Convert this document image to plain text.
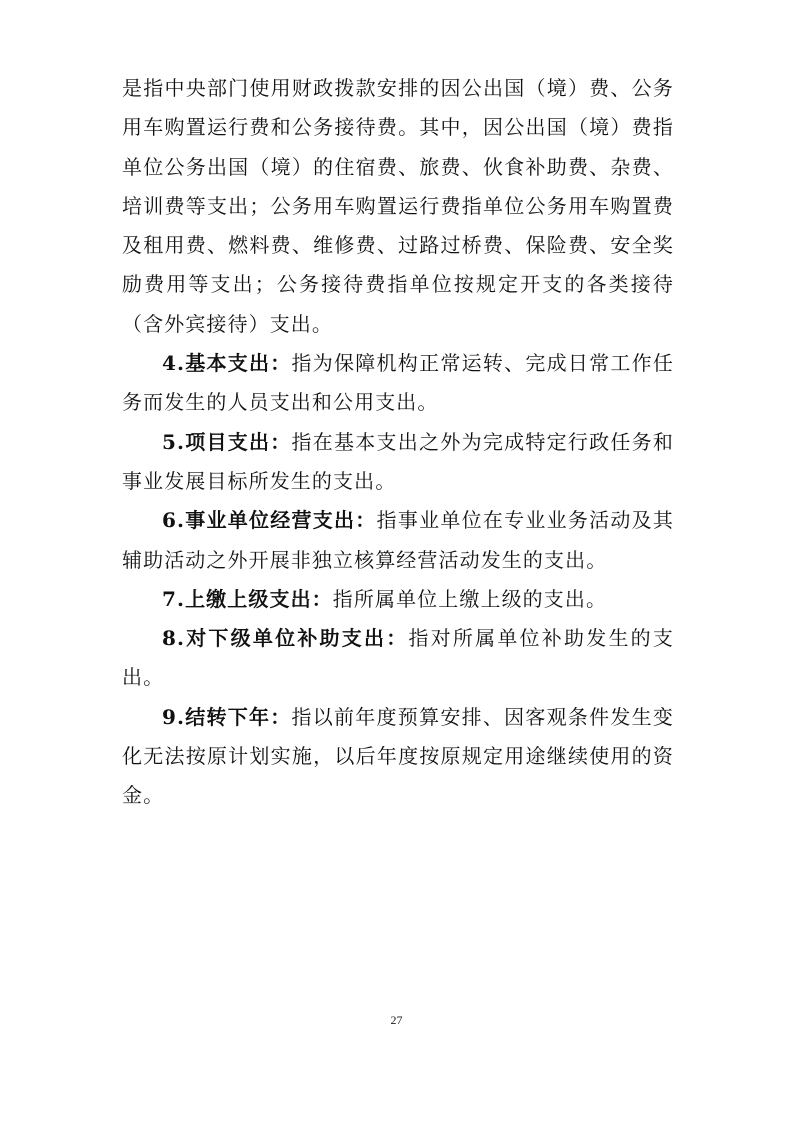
是指中央部门使用财政拨款安排的因公出国（境）费、公务用车购置运行费和公务接待费。其中，因公出国（境）费指单位公务出国（境）的住宿费、旅费、伙食补助费、杂费、培训费等支出；公务用车购置运行费指单位公务用车购置费及租用费、燃料费、维修费、过路过桥费、保险费、安全奖励费用等支出；公务接待费指单位按规定开支的各类接待（含外宾接待）支出。

4.基本支出：指为保障机构正常运转、完成日常工作任务而发生的人员支出和公用支出。

5.项目支出：指在基本支出之外为完成特定行政任务和事业发展目标所发生的支出。

6.事业单位经营支出：指事业单位在专业业务活动及其辅助活动之外开展非独立核算经营活动发生的支出。

7.上缴上级支出：指所属单位上缴上级的支出。

8.对下级单位补助支出：指对所属单位补助发生的支出。

9.结转下年：指以前年度预算安排、因客观条件发生变化无法按原计划实施，以后年度按原规定用途继续使用的资金。

27
